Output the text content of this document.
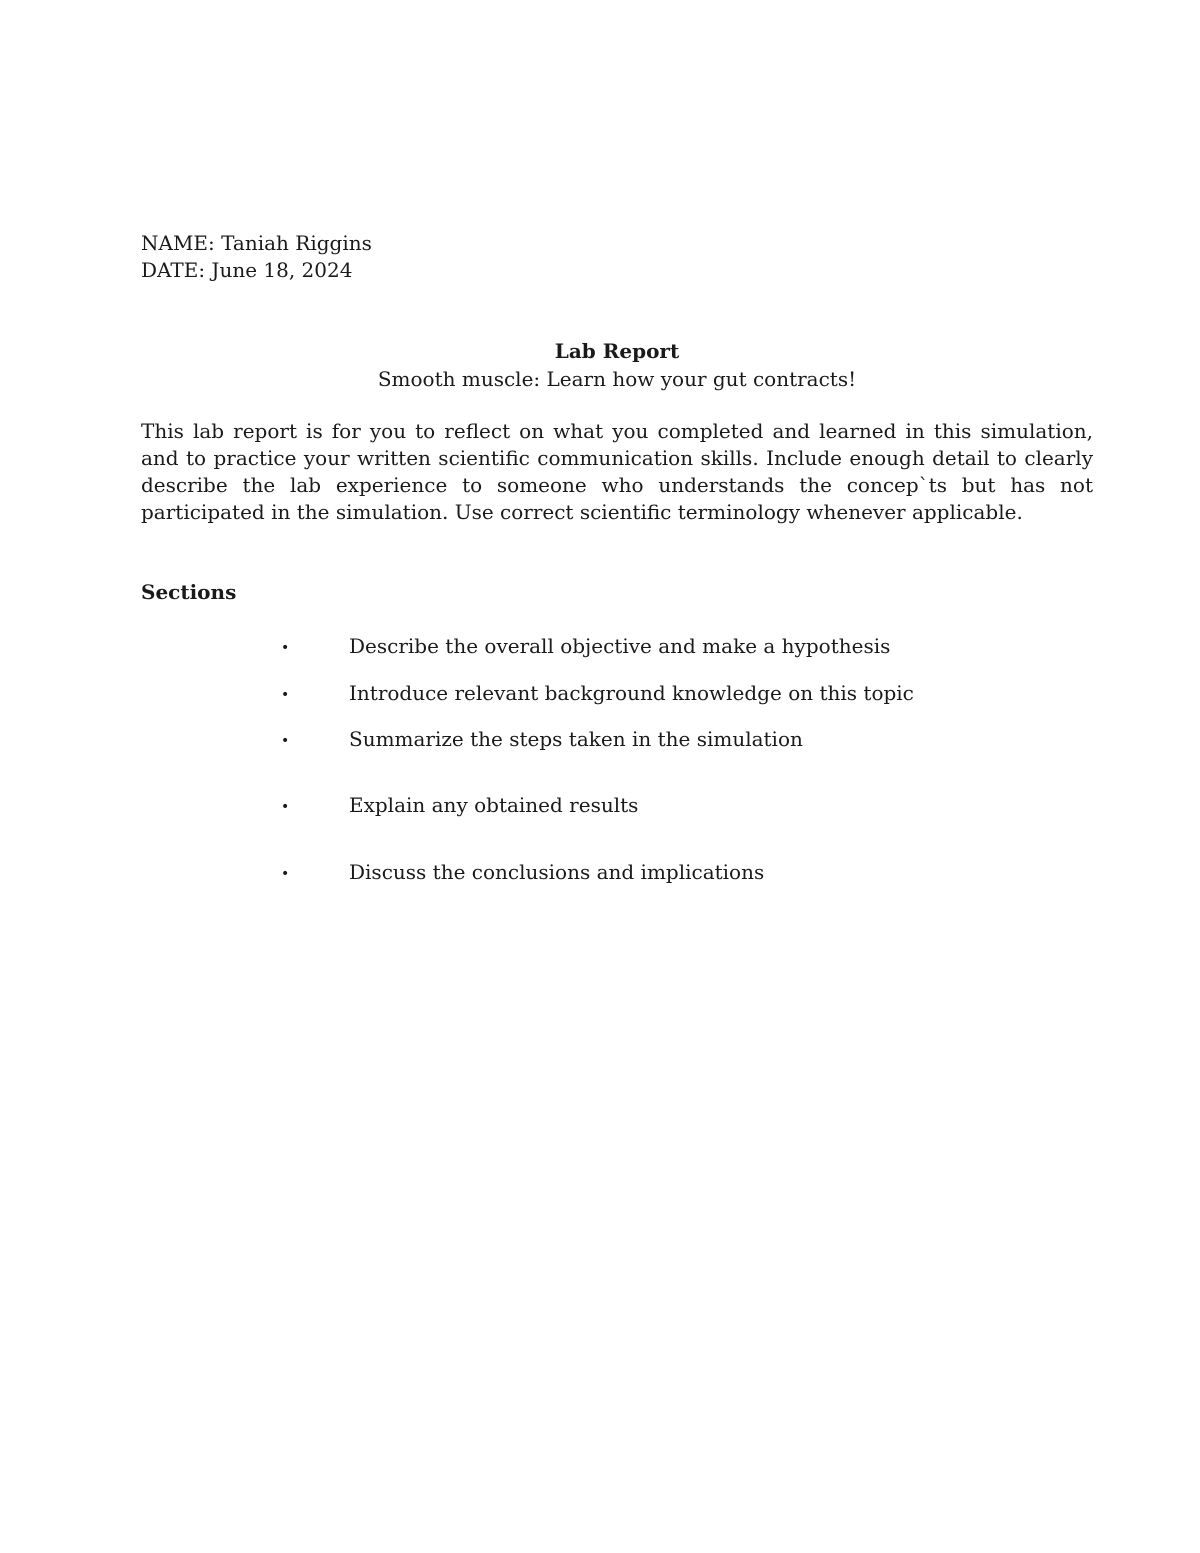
NAME: Taniah Riggins
DATE: June 18, 2024
Lab Report
Smooth muscle: Learn how your gut contracts!

This lab report is for you to reflect on what you completed and learned in this simulation, and to practice your written scientific communication skills. Include enough detail to clearly describe the lab experience to someone who understands the concep`ts but has not participated in the simulation. Use correct scientific terminology whenever applicable.

Sections
•	Describe the overall objective and make a hypothesis
•	Introduce relevant background knowledge on this topic
•	Summarize the steps taken in the simulation
•	Explain any obtained results
•	Discuss the conclusions and implications
